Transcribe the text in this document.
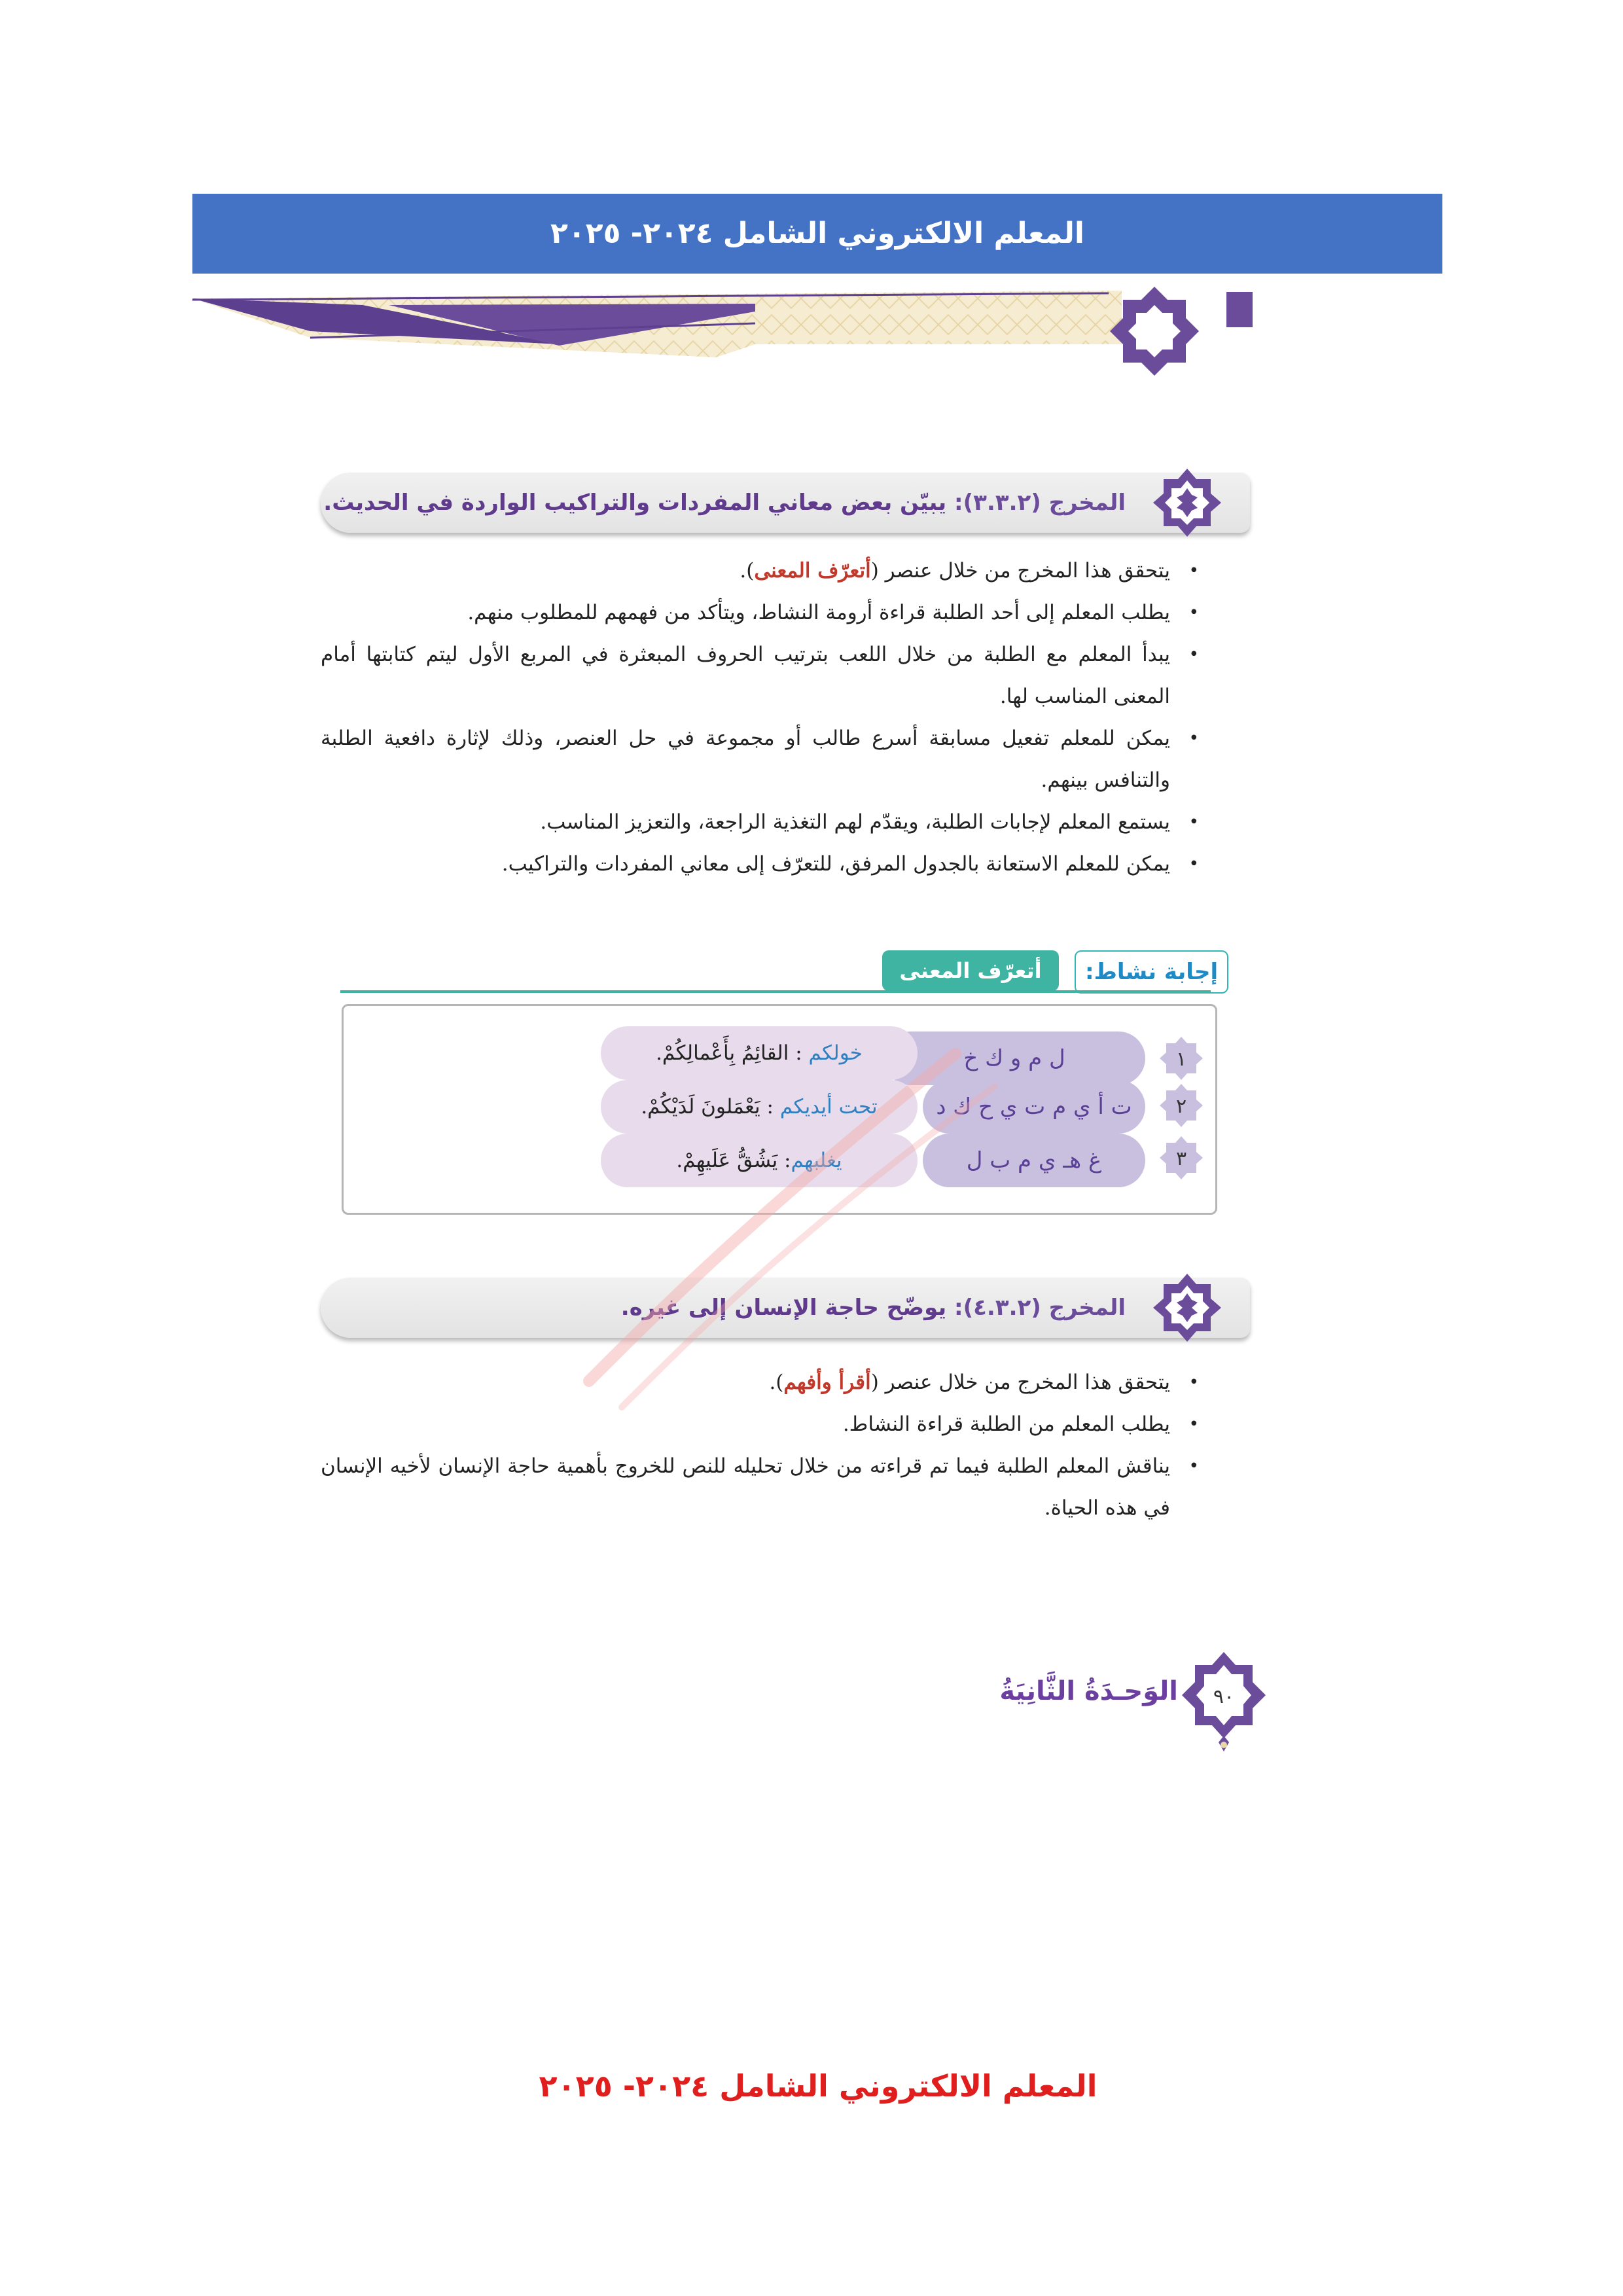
المعلم الالكتروني الشامل ٢٠٢٤- ٢٠٢٥
المخرج (٣.٣.٢): يبيّن بعض معاني المفردات والتراكيب الواردة في الحديث.
• يتحقق هذا المخرج من خلال عنصر (أتعرّف المعنى).
• يطلب المعلم إلى أحد الطلبة قراءة أرومة النشاط، ويتأكد من فهمهم للمطلوب منهم.
• يبدأ المعلم مع الطلبة من خلال اللعب بترتيب الحروف المبعثرة في المربع الأول ليتم كتابتها أمام المعنى المناسب لها.
• يمكن للمعلم تفعيل مسابقة أسرع طالب أو مجموعة في حل العنصر، وذلك لإثارة دافعية الطلبة والتنافس بينهم.
• يستمع المعلم لإجابات الطلبة، ويقدّم لهم التغذية الراجعة، والتعزيز المناسب.
• يمكن للمعلم الاستعانة بالجدول المرفق، للتعرّف إلى معاني المفردات والتراكيب.
إجابة نشاط:
أتعرّف المعنى
١
ل م و ك خ
خولكم : القائِمُ بِأَعْمالِكُمْ.
٢
ت أ ي م ت ي ح ك د
تحت أيديكم : يَعْمَلونَ لَدَيْكُمْ.
٣
غ هـ ي م ب ل
يغلبهم: يَشُقُّ عَلَيهِمْ.
المخرج (٤.٣.٢): يوضّح حاجة الإنسان إلى غيره.
• يتحقق هذا المخرج من خلال عنصر (أقرأ وأفهم).
• يطلب المعلم من الطلبة قراءة النشاط.
• يناقش المعلم الطلبة فيما تم قراءته من خلال تحليله للنص للخروج بأهمية حاجة الإنسان لأخيه الإنسان في هذه الحياة.
٩٠
الوَحـدَةُ الثَّانِيَةُ
المعلم الالكتروني الشامل ٢٠٢٤- ٢٠٢٥
